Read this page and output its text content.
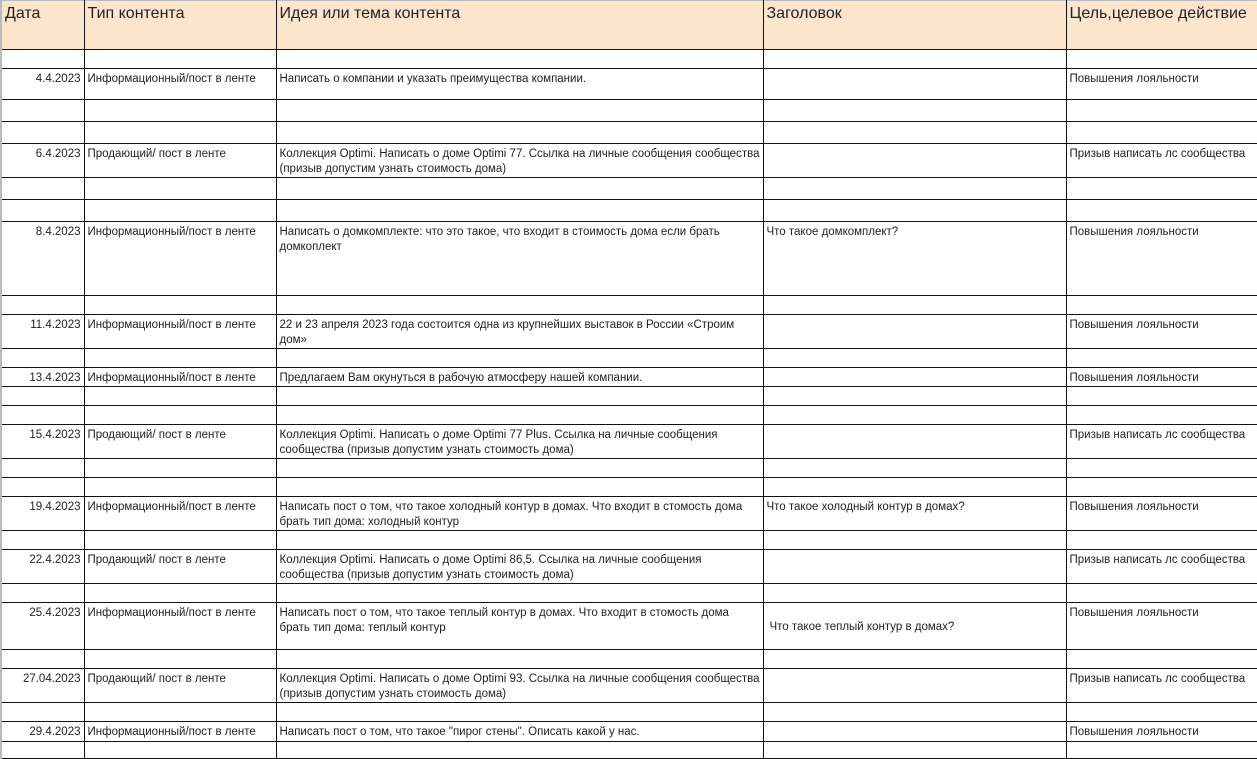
Дата	Тип контента	Идея или тема контента	Заголовок	Цель,целевое действие

4.4.2023	Информационный/пост в ленте	Написать о компании и указать преимущества компании.		Повышения лояльности

6.4.2023	Продающий/ пост в ленте	Коллекция Optimi. Написать о доме Optimi 77. Ссылка на личные сообщения сообщества (призыв допустим узнать стоимость дома)		Призыв написать лс сообщества

8.4.2023	Информационный/пост в ленте	Написать о домкомплекте: что это такое, что входит в стоимость дома если брать домкоплект	Что такое домкомплект?	Повышения лояльности

11.4.2023	Информационный/пост в ленте	22 и 23 апреля 2023 года состоится одна из крупнейших выставок в России «Строим дом»		Повышения лояльности

13.4.2023	Информационный/пост в ленте	Предлагаем Вам окунуться в рабочую атмосферу нашей компании.		Повышения лояльности

15.4.2023	Продающий/ пост в ленте	Коллекция Optimi. Написать о доме Optimi 77 Plus. Ссылка на личные сообщения сообщества (призыв допустим узнать стоимость дома)		Призыв написать лс сообщества

19.4.2023	Информационный/пост в ленте	Написать пост о том, что такое холодный контур в домах. Что входит в стомость дома брать тип дома: холодный контур	Что такое холодный контур в домах?	Повышения лояльности

22.4.2023	Продающий/ пост в ленте	Коллекция Optimi. Написать о доме Optimi 86,5. Ссылка на личные сообщения сообщества (призыв допустим узнать стоимость дома)		Призыв написать лс сообщества

25.4.2023	Информационный/пост в ленте	Написать пост о том, что такое теплый контур в домах. Что входит в стомость дома брать тип дома: теплый контур	Что такое теплый контур в домах?	Повышения лояльности

27.04.2023	Продающий/ пост в ленте	Коллекция Optimi. Написать о доме Optimi 93. Ссылка на личные сообщения сообщества (призыв допустим узнать стоимость дома)		Призыв написать лс сообщества

29.4.2023	Информационный/пост в ленте	Написать пост о том, что такое "пирог стены". Описать какой у нас.		Повышения лояльности
